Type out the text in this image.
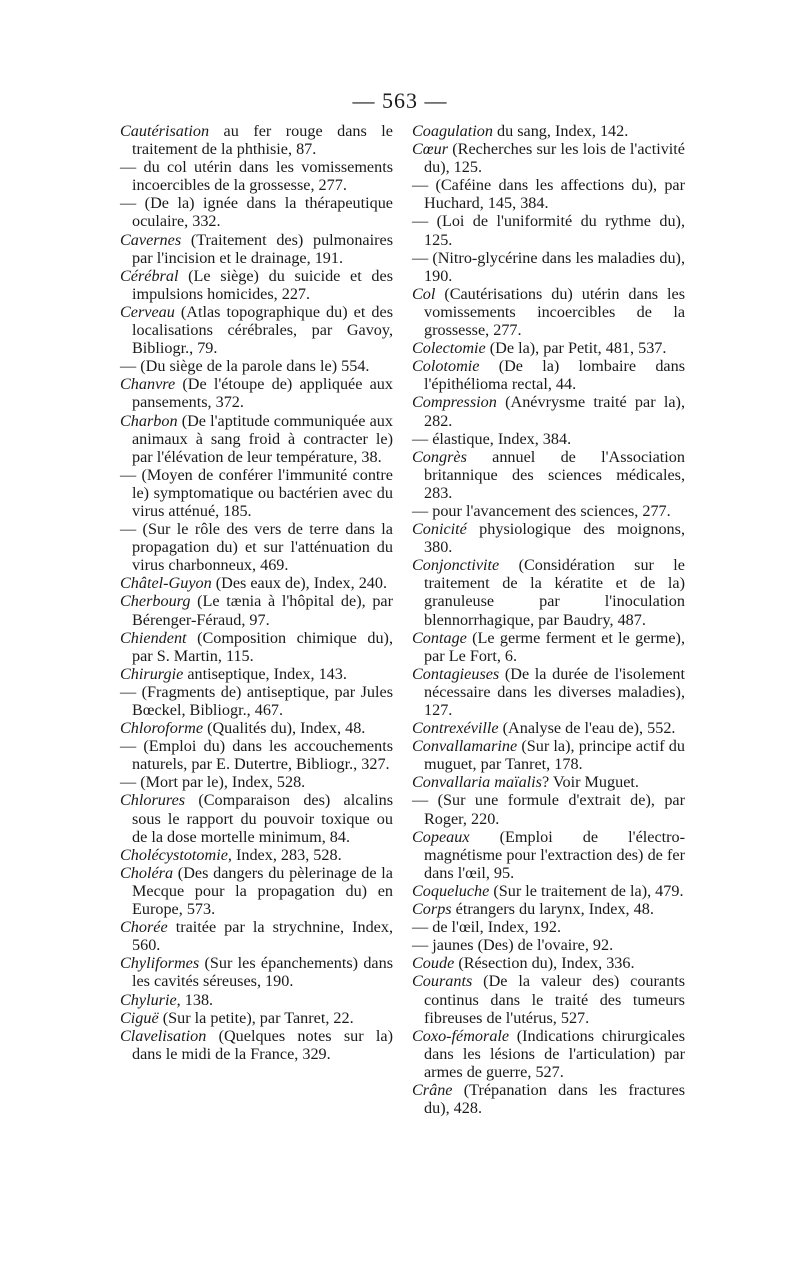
— 563 —

Cautérisation au fer rouge dans le traitement de la phthisie, 87.

— du col utérin dans les vomissements incoercibles de la grossesse, 277.

— (De la) ignée dans la thérapeutique oculaire, 332.

Cavernes (Traitement des) pulmonaires par l'incision et le drainage, 191.

Cérébral (Le siège) du suicide et des impulsions homicides, 227.

Cerveau (Atlas topographique du) et des localisations cérébrales, par Gavoy, Bibliogr., 79.

— (Du siège de la parole dans le) 554.

Chanvre (De l'étoupe de) appliquée aux pansements, 372.

Charbon (De l'aptitude communiquée aux animaux à sang froid à contracter le) par l'élévation de leur température, 38.

— (Moyen de conférer l'immunité contre le) symptomatique ou bactérien avec du virus atténué, 185.

— (Sur le rôle des vers de terre dans la propagation du) et sur l'atténuation du virus charbonneux, 469.

Châtel-Guyon (Des eaux de), Index, 240.

Cherbourg (Le tænia à l'hôpital de), par Bérenger-Féraud, 97.

Chiendent (Composition chimique du), par S. Martin, 115.

Chirurgie antiseptique, Index, 143.

— (Fragments de) antiseptique, par Jules Bœckel, Bibliogr., 467.

Chloroforme (Qualités du), Index, 48.

— (Emploi du) dans les accouchements naturels, par E. Dutertre, Bibliogr., 327.

— (Mort par le), Index, 528.

Chlorures (Comparaison des) alcalins sous le rapport du pouvoir toxique ou de la dose mortelle minimum, 84.

Cholécystotomie, Index, 283, 528.

Choléra (Des dangers du pèlerinage de la Mecque pour la propagation du) en Europe, 573.

Chorée traitée par la strychnine, Index, 560.

Chyliformes (Sur les épanchements) dans les cavités séreuses, 190.

Chylurie, 138.

Ciguë (Sur la petite), par Tanret, 22.

Clavelisation (Quelques notes sur la) dans le midi de la France, 329.

Coagulation du sang, Index, 142.

Cœur (Recherches sur les lois de l'activité du), 125.

— (Caféine dans les affections du), par Huchard, 145, 384.

— (Loi de l'uniformité du rythme du), 125.

— (Nitro-glycérine dans les maladies du), 190.

Col (Cautérisations du) utérin dans les vomissements incoercibles de la grossesse, 277.

Colectomie (De la), par Petit, 481, 537.

Colotomie (De la) lombaire dans l'épithélioma rectal, 44.

Compression (Anévrysme traité par la), 282.

— élastique, Index, 384.

Congrès annuel de l'Association britannique des sciences médicales, 283.

— pour l'avancement des sciences, 277.

Conicité physiologique des moignons, 380.

Conjonctivite (Considération sur le traitement de la kératite et de la) granuleuse par l'inoculation blennorrhagique, par Baudry, 487.

Contage (Le germe ferment et le germe), par Le Fort, 6.

Contagieuses (De la durée de l'isolement nécessaire dans les diverses maladies), 127.

Contrexéville (Analyse de l'eau de), 552.

Convallamarine (Sur la), principe actif du muguet, par Tanret, 178.

Convallaria maïalis? Voir Muguet.

— (Sur une formule d'extrait de), par Roger, 220.

Copeaux (Emploi de l'électro-magnétisme pour l'extraction des) de fer dans l'œil, 95.

Coqueluche (Sur le traitement de la), 479.

Corps étrangers du larynx, Index, 48.

— de l'œil, Index, 192.

— jaunes (Des) de l'ovaire, 92.

Coude (Résection du), Index, 336.

Courants (De la valeur des) courants continus dans le traité des tumeurs fibreuses de l'utérus, 527.

Coxo-fémorale (Indications chirurgicales dans les lésions de l'articulation) par armes de guerre, 527.

Crâne (Trépanation dans les fractures du), 428.
